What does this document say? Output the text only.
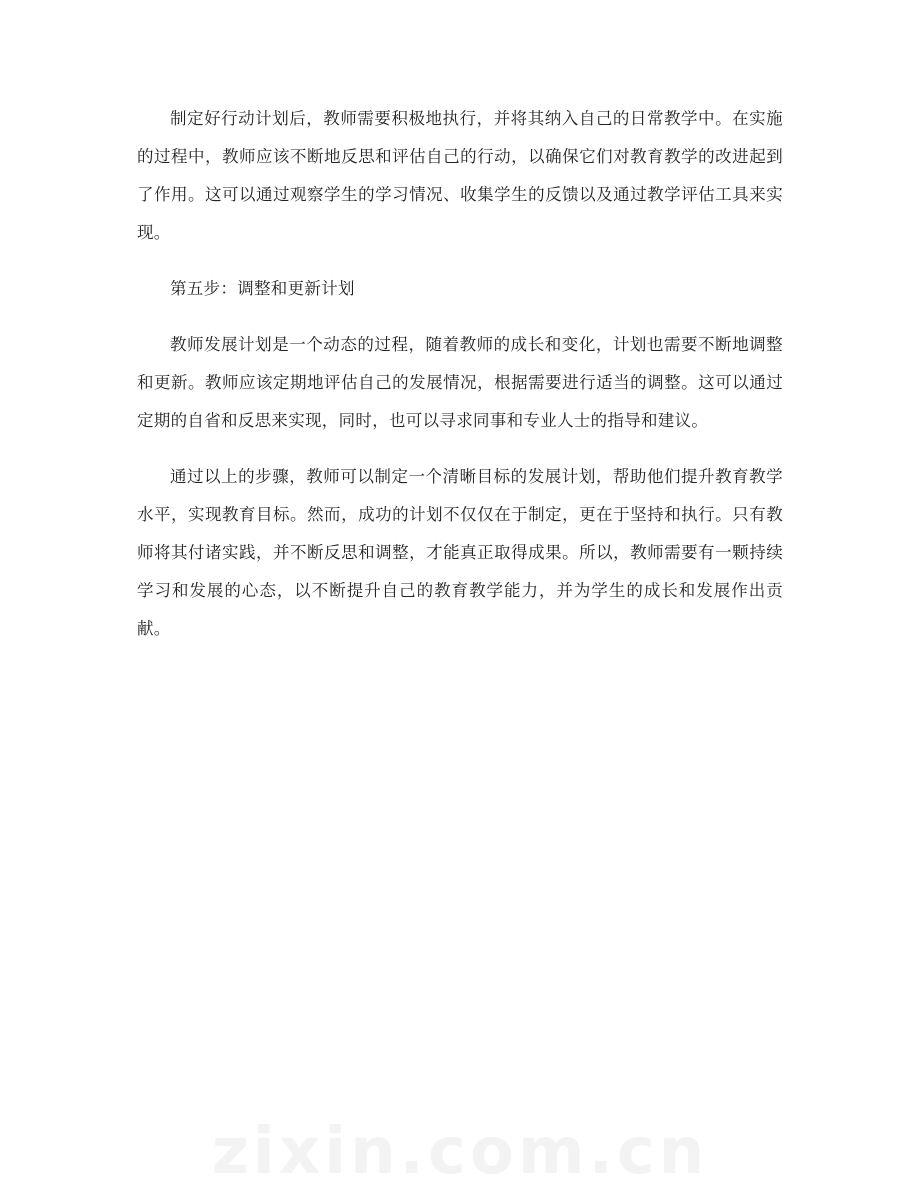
制定好行动计划后，教师需要积极地执行，并将其纳入自己的日常教学中。在实施的过程中，教师应该不断地反思和评估自己的行动，以确保它们对教育教学的改进起到了作用。这可以通过观察学生的学习情况、收集学生的反馈以及通过教学评估工具来实现。

第五步：调整和更新计划

教师发展计划是一个动态的过程，随着教师的成长和变化，计划也需要不断地调整和更新。教师应该定期地评估自己的发展情况，根据需要进行适当的调整。这可以通过定期的自省和反思来实现，同时，也可以寻求同事和专业人士的指导和建议。

通过以上的步骤，教师可以制定一个清晰目标的发展计划，帮助他们提升教育教学水平，实现教育目标。然而，成功的计划不仅仅在于制定，更在于坚持和执行。只有教师将其付诸实践，并不断反思和调整，才能真正取得成果。所以，教师需要有一颗持续学习和发展的心态，以不断提升自己的教育教学能力，并为学生的成长和发展作出贡献。

zixin.com.cn
